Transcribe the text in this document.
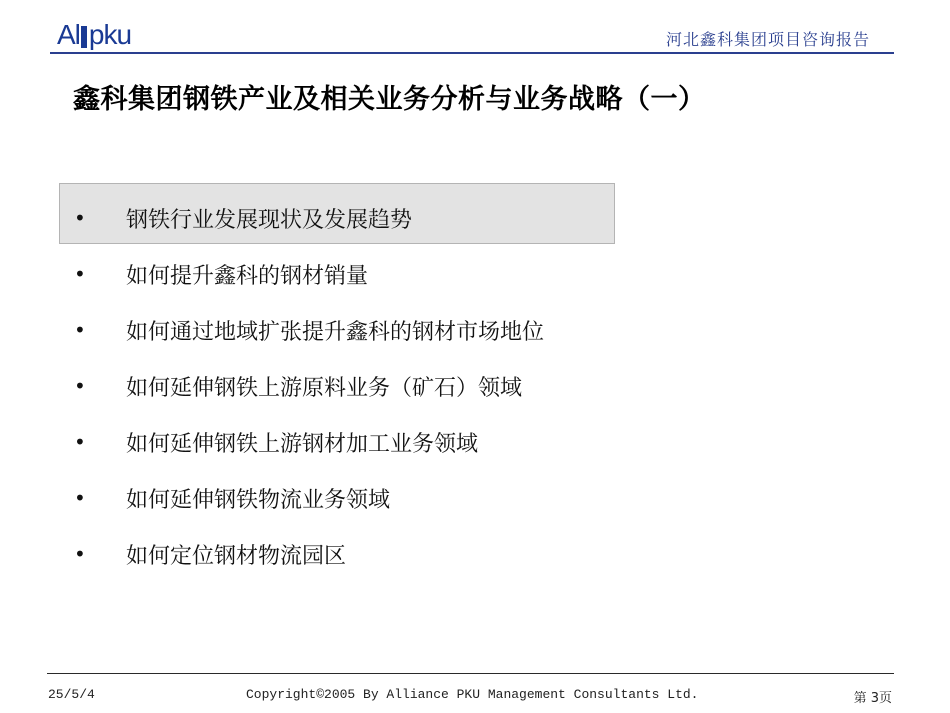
Al pku	河北鑫科集团项目咨询报告
鑫科集团钢铁产业及相关业务分析与业务战略（一）
•	钢铁行业发展现状及发展趋势
•	如何提升鑫科的钢材销量
•	如何通过地域扩张提升鑫科的钢材市场地位
•	如何延伸钢铁上游原料业务（矿石）领域
•	如何延伸钢铁上游钢材加工业务领域
•	如何延伸钢铁物流业务领域
•	如何定位钢材物流园区
25/5/4	Copyright©2005 By Alliance PKU Management Consultants Ltd.	第 3页
